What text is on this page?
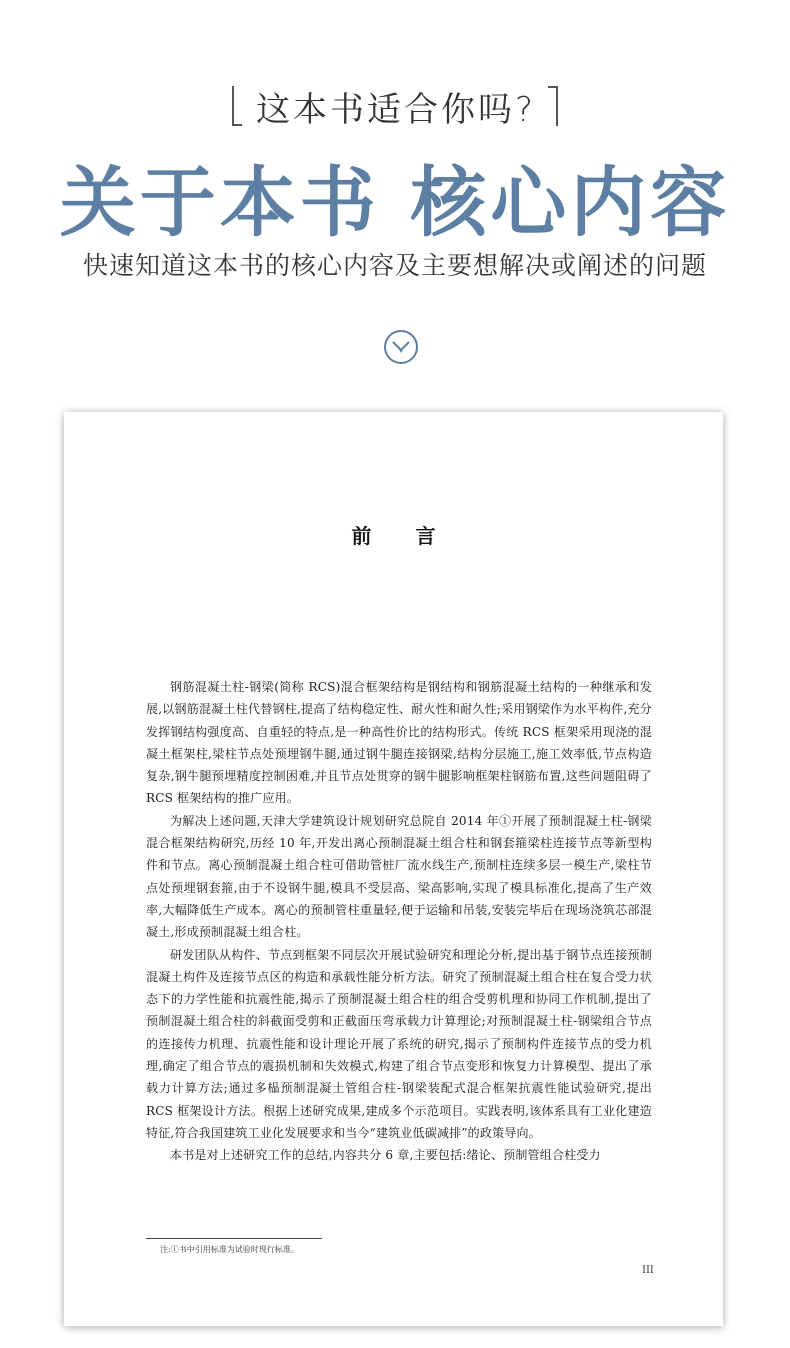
这本书适合你吗?
关于本书 核心内容
快速知道这本书的核心内容及主要想解决或阐述的问题
前言

钢筋混凝土柱-钢梁(简称 RCS)混合框架结构是钢结构和钢筋混凝土结构的一种继承和发展,以钢筋混凝土柱代替钢柱,提高了结构稳定性、耐火性和耐久性;采用钢梁作为水平构件,充分发挥钢结构强度高、自重轻的特点,是一种高性价比的结构形式。传统 RCS 框架采用现浇的混凝土框架柱,梁柱节点处预埋钢牛腿,通过钢牛腿连接钢梁,结构分层施工,施工效率低,节点构造复杂,钢牛腿预埋精度控制困难,并且节点处贯穿的钢牛腿影响框架柱钢筋布置,这些问题阻碍了 RCS 框架结构的推广应用。

为解决上述问题,天津大学建筑设计规划研究总院自 2014 年①开展了预制混凝土柱-钢梁混合框架结构研究,历经 10 年,开发出离心预制混凝土组合柱和钢套箍梁柱连接节点等新型构件和节点。离心预制混凝土组合柱可借助管桩厂流水线生产,预制柱连续多层一模生产,梁柱节点处预埋钢套箍,由于不设钢牛腿,模具不受层高、梁高影响,实现了模具标准化,提高了生产效率,大幅降低生产成本。离心的预制管柱重量轻,便于运输和吊装,安装完毕后在现场浇筑芯部混凝土,形成预制混凝土组合柱。

研发团队从构件、节点到框架不同层次开展试验研究和理论分析,提出基于钢节点连接预制混凝土构件及连接节点区的构造和承载性能分析方法。研究了预制混凝土组合柱在复合受力状态下的力学性能和抗震性能,揭示了预制混凝土组合柱的组合受剪机理和协同工作机制,提出了预制混凝土组合柱的斜截面受剪和正截面压弯承载力计算理论;对预制混凝土柱-钢梁组合节点的连接传力机理、抗震性能和设计理论开展了系统的研究,揭示了预制构件连接节点的受力机理,确定了组合节点的震损机制和失效模式,构建了组合节点变形和恢复力计算模型、提出了承载力计算方法;通过多榀预制混凝土管组合柱-钢梁装配式混合框架抗震性能试验研究,提出 RCS 框架设计方法。根据上述研究成果,建成多个示范项目。实践表明,该体系具有工业化建造特征,符合我国建筑工业化发展要求和当今“建筑业低碳减排”的政策导向。

本书是对上述研究工作的总结,内容共分 6 章,主要包括:绪论、预制管组合柱受力

注:①书中引用标准为试验时现行标准。
III
